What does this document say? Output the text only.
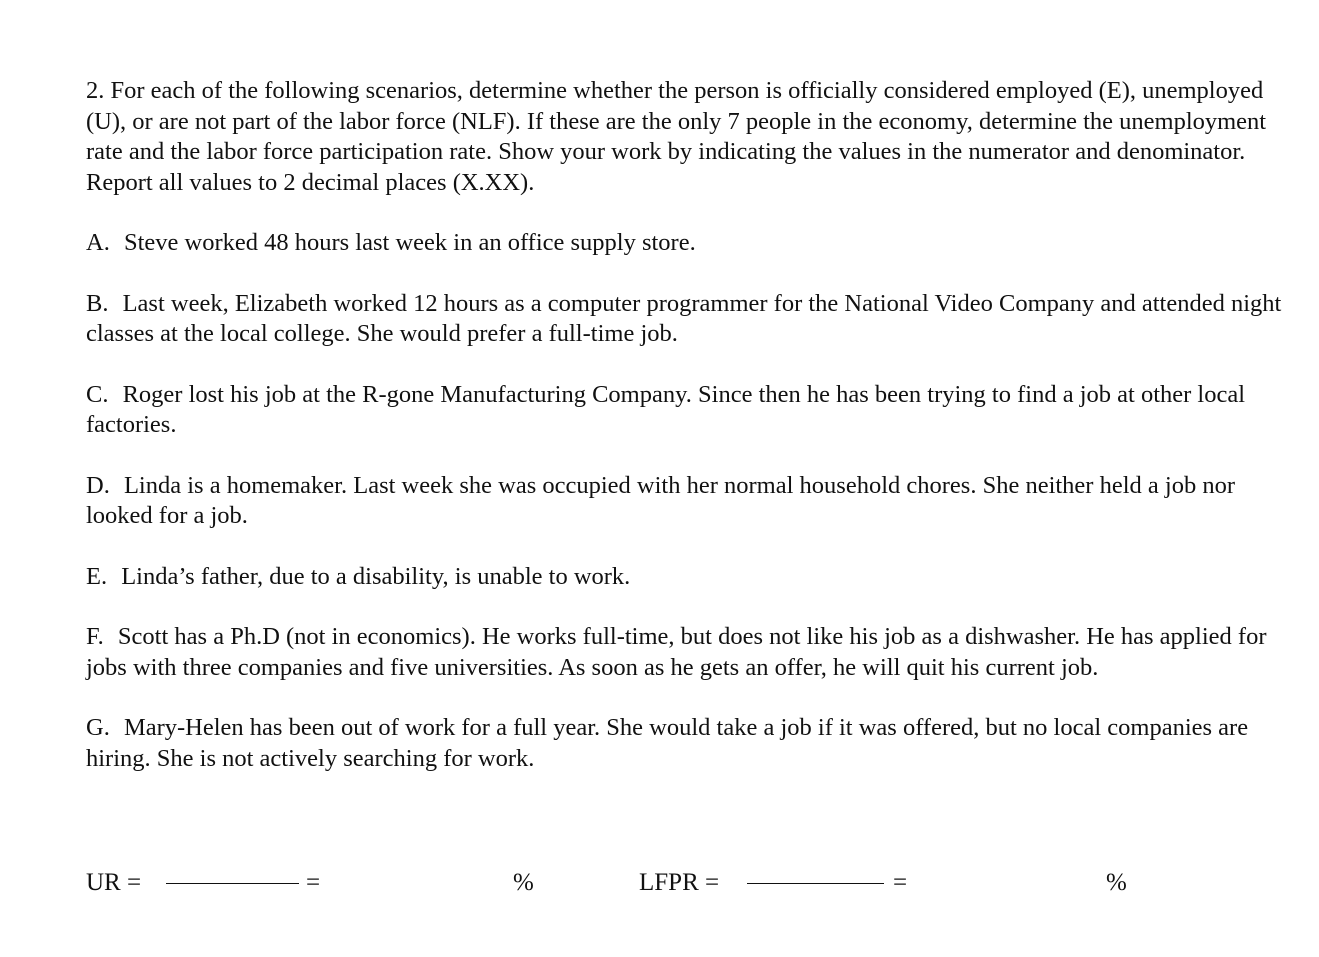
2. For each of the following scenarios, determine whether the person is officially considered employed (E), unemployed (U), or are not part of the labor force (NLF). If these are the only 7 people in the economy, determine the unemployment rate and the labor force participation rate. Show your work by indicating the values in the numerator and denominator. Report all values to 2 decimal places (X.XX).

A. Steve worked 48 hours last week in an office supply store.

B. Last week, Elizabeth worked 12 hours as a computer programmer for the National Video Company and attended night classes at the local college. She would prefer a full-time job.

C. Roger lost his job at the R-gone Manufacturing Company. Since then he has been trying to find a job at other local factories.

D. Linda is a homemaker. Last week she was occupied with her normal household chores. She neither held a job nor looked for a job.

E. Linda’s father, due to a disability, is unable to work.

F. Scott has a Ph.D (not in economics). He works full-time, but does not like his job as a dishwasher. He has applied for jobs with three companies and five universities. As soon as he gets an offer, he will quit his current job.

G. Mary-Helen has been out of work for a full year. She would take a job if it was offered, but no local companies are hiring. She is not actively searching for work.

UR =	=	%	LFPR =	=	%
